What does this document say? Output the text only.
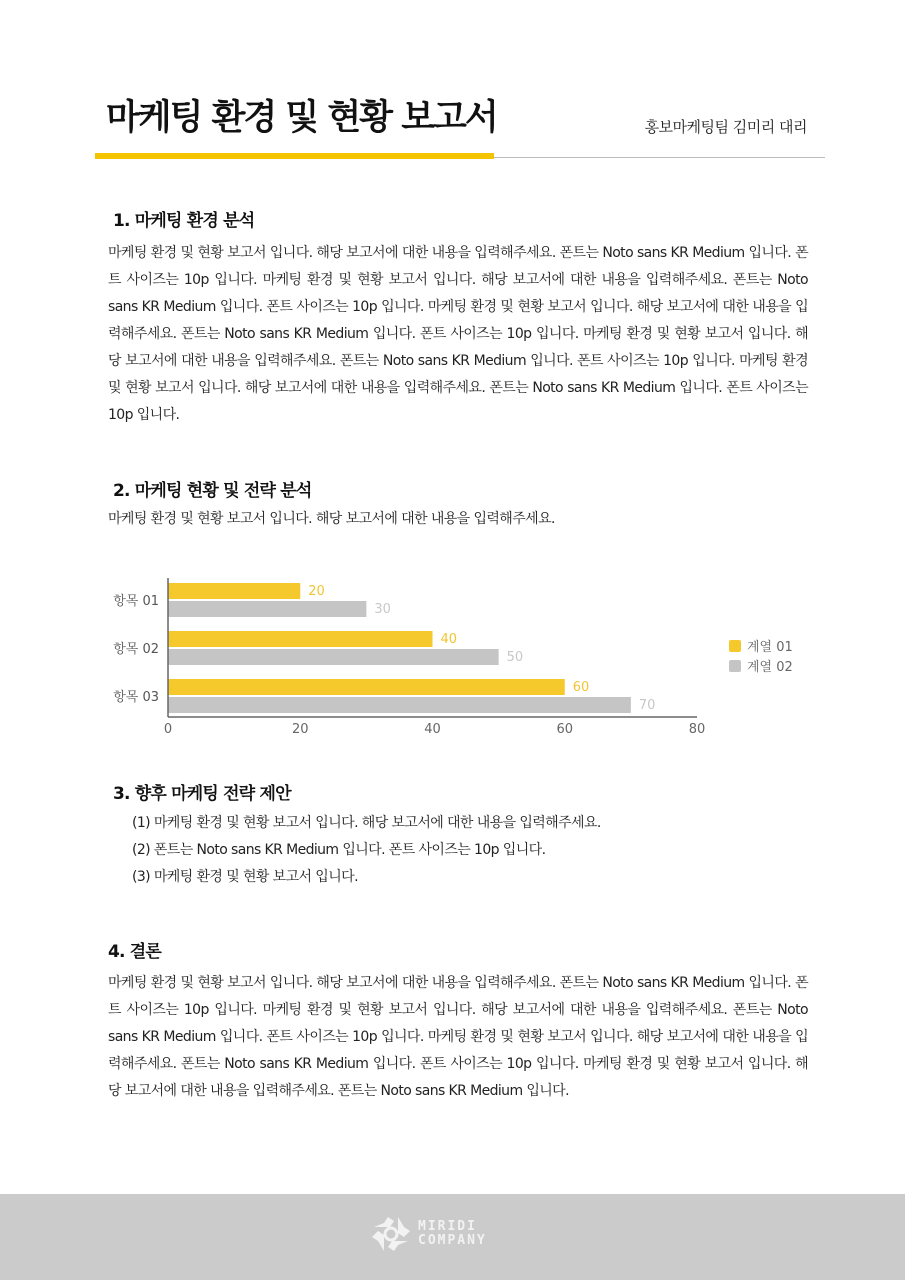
마케팅 환경 및 현황 보고서	홍보마케팅팀 김미리 대리
1. 마케팅 환경 분석
마케팅 환경 및 현황 보고서 입니다. 해당 보고서에 대한 내용을 입력해주세요. 폰트는 Noto sans KR Medium 입니다. 폰트 사이즈는 10p 입니다. 마케팅 환경 및 현황 보고서 입니다. 해당 보고서에 대한 내용을 입력해주세요. 폰트는 Noto sans KR Medium 입니다. 폰트 사이즈는 10p 입니다. 마케팅 환경 및 현황 보고서 입니다. 해당 보고서에 대한 내용을 입력해주세요. 폰트는 Noto sans KR Medium 입니다. 폰트 사이즈는 10p 입니다. 마케팅 환경 및 현황 보고서 입니다. 해당 보고서에 대한 내용을 입력해주세요. 폰트는 Noto sans KR Medium 입니다. 폰트 사이즈는 10p 입니다. 마케팅 환경 및 현황 보고서 입니다. 해당 보고서에 대한 내용을 입력해주세요. 폰트는 Noto sans KR Medium 입니다. 폰트 사이즈는 10p 입니다.
2. 마케팅 현황 및 전략 분석
마케팅 환경 및 현황 보고서 입니다. 해당 보고서에 대한 내용을 입력해주세요.
20
30
항목 01
40
50
항목 02
60
70
항목 03
0	20	40	60	80
계열 01
계열 02
3. 향후 마케팅 전략 제안
(1) 마케팅 환경 및 현황 보고서 입니다. 해당 보고서에 대한 내용을 입력해주세요.
(2) 폰트는 Noto sans KR Medium 입니다. 폰트 사이즈는 10p 입니다.
(3) 마케팅 환경 및 현황 보고서 입니다.
4. 결론
마케팅 환경 및 현황 보고서 입니다. 해당 보고서에 대한 내용을 입력해주세요. 폰트는 Noto sans KR Medium 입니다. 폰트 사이즈는 10p 입니다. 마케팅 환경 및 현황 보고서 입니다. 해당 보고서에 대한 내용을 입력해주세요. 폰트는 Noto sans KR Medium 입니다. 폰트 사이즈는 10p 입니다. 마케팅 환경 및 현황 보고서 입니다. 해당 보고서에 대한 내용을 입력해주세요. 폰트는 Noto sans KR Medium 입니다. 폰트 사이즈는 10p 입니다. 마케팅 환경 및 현황 보고서 입니다. 해당 보고서에 대한 내용을 입력해주세요. 폰트는 Noto sans KR Medium 입니다.
MIRIDI
COMPANY
